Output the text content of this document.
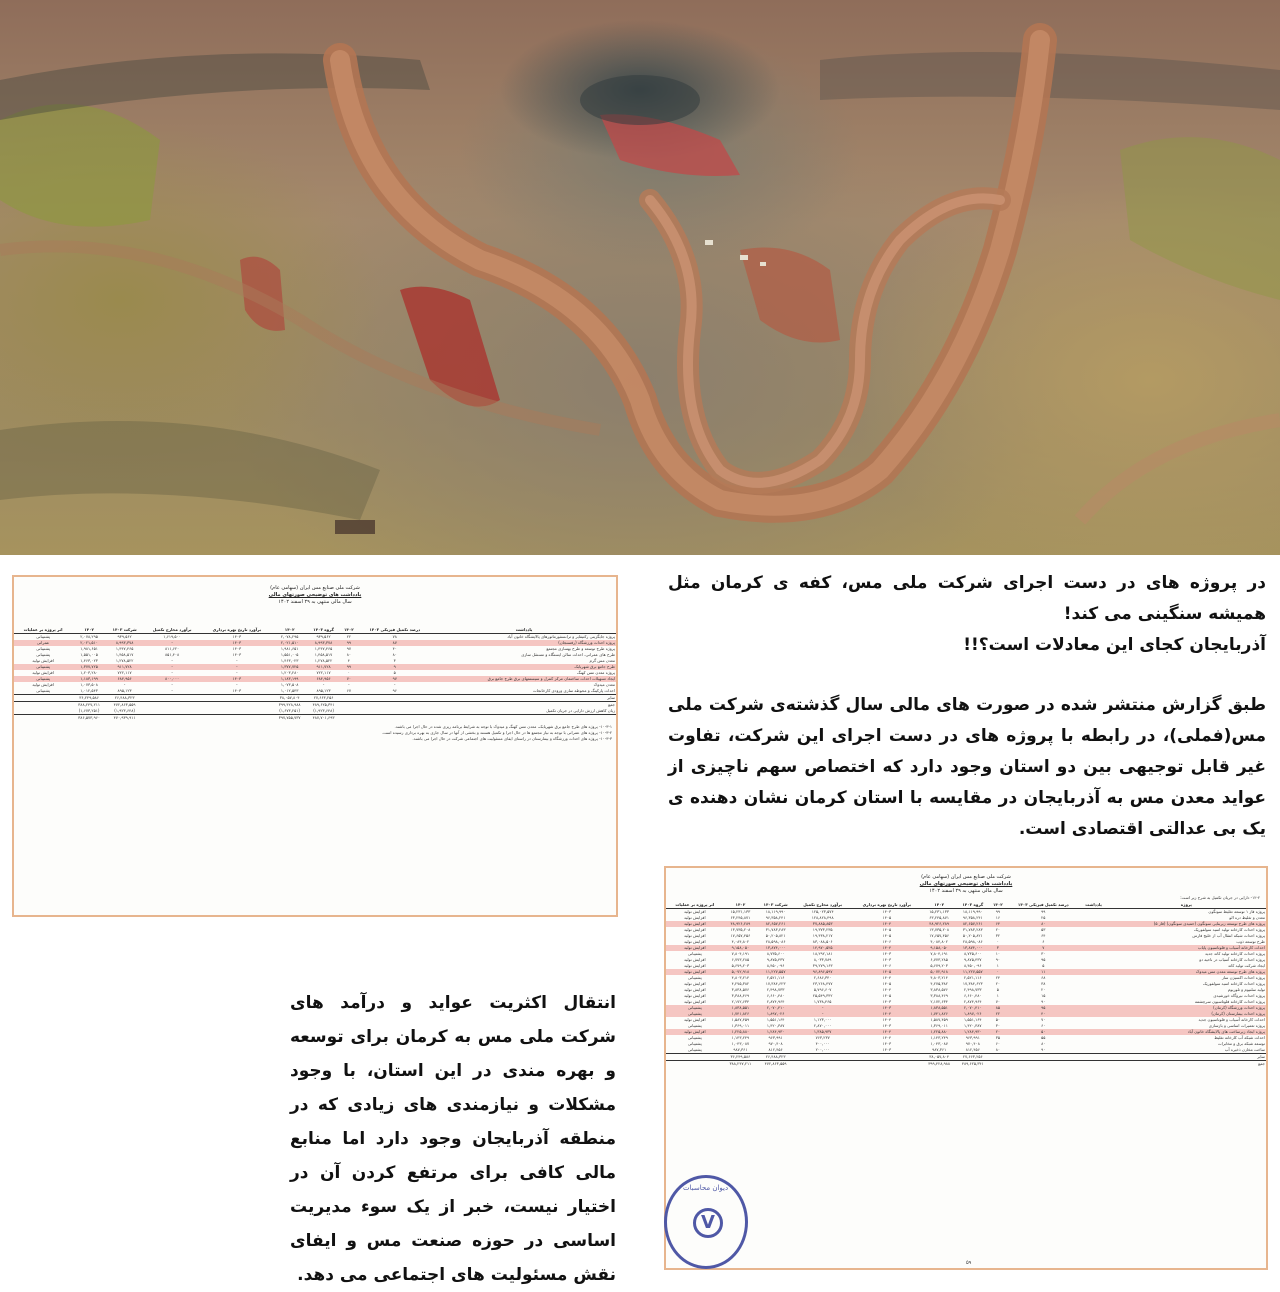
شرکت ملی صنایع مس ایران (سهامی عام)
یادداشت های توضیحی صورتهای مالی
سال مالی منتهی به ۲۹ اسفند ۱۴۰۲
یادداشت	درصد تکمیل فیزیکی ۱۴۰۳	۱۴۰۲	گروه ۱۴۰۳	۱۴۰۲	برآورد تاریخ بهره برداری	برآورد مخارج تکمیل	شرکت ۱۴۰۳	۱۴۰۲	اثر پروژه بر عملیات
پروژه جایگزینی رکتیفایر و ترانسفورماتورهای پالایشگاه خاتون آباد	۷۸	۲۲	۹۳۹,۵۶۲	۲,۰۷۸,۲۹۵	۱۴۰۳	۱,۶۱۹,۵۰۰	۹۳۹,۵۶۲	۲,۰۷۸,۲۹۵	پشتیبانی
پروژه احداث ورزشگاه (رفسنجان)	۸۷	۹۹	۸,۹۹۳,۳۷۸	۲,۰۲۱,۵۱۰	۱۴۰۳	-	۸,۹۹۳,۳۷۸	۲,۰۲۱,۵۱۰	عمرانی
پروژه طرح توسعه و طرح بهسازی مجتمع	۴۰	۹۷	۱,۴۴۷,۴۶۵	۱,۹۸۱,۶۵۱	۱۴۰۳	۸۱۱,۶۲۰	۱,۴۴۷,۴۶۵	۱,۹۸۱,۶۵۱	پشتیبانی
طرح های عمرانی، احداث سالن ایستگاه و مستقل سازی	۸۰	۸۰	۱,۴۵۸,۵۱۷	۱,۵۵۱,۰۰۵	۱۴۰۳	۸۵۱,۴۰۸	۱,۴۵۸,۵۱۷	۱,۵۵۱,۰۰۵	پشتیبانی
معدن مس گرم	۳	۴	۱,۲۷۸,۵۲۲	۱,۴۶۳,۰۲۳	-	-	۱,۲۷۸,۵۲۲	۱,۴۶۳,۰۲۳	افزایش تولید
طرح جامع برق شهربابک	۹	۹۹	۹۱۱,۷۲۸	۱,۳۷۷,۷۲۵	-	-	۹۱۱,۷۲۸	۱,۳۷۷,۷۲۵	پشتیبانی
پروژه معدن مس کهنگ	۵	۰	۷۲۲,۱۱۷	۱,۲۰۳,۲۸۰	-	-	۷۲۲,۱۱۷	۱,۲۰۳,۲۸۰	افزایش تولید
ایجاد تسهیلات احداث ساختمان مرکز کنترل و سیستمهای برق طرح جامع برق	۹۷	۷۰	۶۸۴,۹۵۶	۱,۱۸۳,۱۹۹	۱۴۰۳	۸۰۰,۰۰۰	۶۸۴,۹۵۶	۱,۱۸۳,۱۹۹	پشتیبانی
معدن میدوک	-	-	-	۱,۰۷۳,۵۰۸	-	-	-	۱,۰۷۳,۵۰۸	افزایش تولید
احداث پارکینگ و محوطه سازی ورودی کارخانجات	۹۶	۶۷	۸۹۵,۱۲۳	۱,۰۱۲,۵۴۳	۱۴۰۳	-	۸۹۵,۱۲۳	۱,۰۱۲,۵۴۳	پشتیبانی
سایر			۲۷,۶۶۳,۲۵۶	۳۸,۰۵۷,۸۰۴			۲۶,۴۸۸,۳۲۳	۳۶,۲۴۹,۵۸۶	
جمع			۴۸۹,۶۲۵,۳۴۱	۳۹۹,۴۲۸,۹۸۸			۴۷۲,۸۶۳,۵۵۹	۳۸۸,۲۴۷,۲۱۱	
زیان کاهش ارزش دارایی در جریان تکمیل			(۱,۹۲۳,۶۴۸)	(۱,۶۷۳,۲۵۱)			(۱,۹۲۳,۶۴۸)	(۱,۶۷۳,۲۵۱)	
			۴۸۷,۷۰۱,۶۹۳	۳۹۷,۷۵۵,۷۳۷			۴۷۰,۹۳۹,۹۱۱	۳۸۶,۵۷۳,۹۶۰	
۱۰-۳-۱- پروژه های طرح جامع برق شهربابک، معدن مس کهنگ و میدوک با توجه به شرایط برنامه ریزی شده در حال اجرا می باشند.
۱۰-۳-۲- پروژه های عمرانی با توجه به نیاز مجتمع ها در حال اجرا و تکمیل هستند و بخشی از آنها در سال جاری به بهره برداری رسیده است.
۱۰-۳-۳- پروژه های احداث ورزشگاه و بیمارستان در راستای ایفای مسئولیت های اجتماعی شرکت در حال اجرا می باشند.

در پروژه های در دست اجرای شرکت ملی مس، کفه ی کرمان مثل همیشه سنگینی می کند!

آذربایجان کجای این معادلات است؟!!

طبق گزارش منتشر شده در صورت های مالی سال گذشته‌ی شرکت ملی مس(فملی)، در رابطه با پروژه های در دست اجرای این شرکت، تفاوت غیر قابل توجیهی بین دو استان وجود دارد که اختصاص سهم ناچیزی از عواید معدن مس به آذربایجان در مقایسه با استان کرمان نشان دهنده ی یک بی عدالتی اقتصادی است.
انتقال اکثریت عواید و درآمد های شرکت ملی مس به کرمان برای توسعه و بهره مندی در این استان، با وجود مشکلات و نیازمندی های زیادی که در منطقه آذربایجان وجود دارد اما منابع مالی کافی برای مرتفع کردن آن در اختیار نیست، خبر از یک سوء مدیریت اساسی در حوزه صنعت مس و ایفای نقش مسئولیت های اجتماعی می دهد.
شرکت ملی صنایع مس ایران (سهامی عام)
یادداشت های توضیحی صورتهای مالی
سال مالی منتهی به ۲۹ اسفند ۱۴۰۲
۱۲-۲- دارایی در جریان تکمیل به شرح زیر است:
پروژه	یادداشت	درصد تکمیل فیزیکی ۱۴۰۳	۱۴۰۲	گروه ۱۴۰۳	۱۴۰۲	برآورد تاریخ بهره برداری	برآورد مخارج تکمیل	شرکت ۱۴۰۳	۱۴۰۲	اثر پروژه بر عملیات
پروژه فاز ۱ توسعه تغلیظ سونگون		۹۹	۹۹	۱۸,۱۱۹,۹۹۰	۱۵,۲۳۱,۱۳۳	۱۴۰۳	۱۲۵,۰۲۳,۵۷۴	۱۸,۱۱۹,۹۹۰	۱۵,۲۳۱,۱۳۳	افزایش تولید
معدن و تغلیظ دره الو		۲۵	۱۶	۹۶,۳۵۸,۲۴۱	۶۳,۲۴۵,۸۷۱	۱۴۰۵	۱۲۸,۸۲۸,۴۹۸	۹۶,۳۵۸,۲۴۱	۶۳,۲۴۵,۸۷۱	افزایش تولید
پروژه های طرح توسعه زیربنایی سونگون (حمیدی سونگون) (فاز ۵)		۸۰	۶۴	۸۲,۶۵۷,۲۶۱	۴۸,۹۲۶,۲۸۹	۱۴۰۴	۳۷,۸۸۵,۸۵۳	۸۲,۶۵۷,۲۶۱	۴۸,۹۲۶,۲۸۹	افزایش تولید
پروژه احداث کارخانه تولید اسید سولفوریک		۵۳	۲۰	۳۱,۷۸۳,۲۸۳	۱۳,۷۳۵,۲۰۸	۱۴۰۵	۱۹,۳۷۳,۲۳۵	۳۱,۷۸۳,۲۸۳	۱۳,۷۳۵,۲۰۸	افزایش تولید
پروژه احداث شبکه انتقال آب از خلیج فارس		۶۴	۳۲	۵۰,۲۰۵,۸۲۱	۱۷,۶۵۷,۴۵۶	۱۴۰۵	۱۹,۴۳۸,۲۱۷	۵۰,۲۰۵,۸۲۱	۱۷,۶۵۷,۴۵۶	افزایش تولید
طرح توسعه ذوب		۶	۰	۲۸,۵۹۸,۰۸۶	۴,۰۸۴,۸۰۲	۱۴۰۶	۸۳,۰۸۸,۵۰۶	۲۸,۵۹۸,۰۸۶	۴,۰۸۴,۸۰۲	افزایش تولید
احداث کارخانه آسیاب و فلوتاسیون پایاب		۷	۳	۱۳,۸۷۴,۰۰۰	۹,۱۵۸,۰۵۰	۱۴۰۴	۱۴,۹۷۰,۵۲۵	۱۳,۸۷۴,۰۰۰	۹,۱۵۸,۰۵۰	افزایش تولید
پروژه احداث کارخانه تولید کاتد جدید		۳۰	۱۰	۸,۷۳۵,۶۰۰	۷,۸۰۴,۱۹۱	۱۴۰۳	۱۸,۲۹۲,۱۸۱	۸,۷۳۵,۶۰۰	۷,۸۰۴,۱۹۱	پشتیبانی
پروژه احداث کارخانه آسیاب در ناحیه دو		۹۵	۹۰	۹,۸۷۵,۴۳۷	۶,۷۷۳,۲۸۵	۱۴۰۳	۸,۰۳۳,۷۸۹	۹,۸۷۵,۴۳۷	۶,۷۷۳,۲۸۵	افزایش تولید
ایجاد شرکت تولید کاتد		۵	۱	۸,۴۵۰,۰۹۶	۵,۶۷۹,۲۰۳	۱۴۰۶	۳۹,۲۷۹,۱۶۳	۸,۴۵۰,۰۹۶	۵,۶۷۹,۲۰۳	افزایش تولید
پروژه های طرح توسعه معدن مس میدوک		۱۱	۰	۱۱,۲۲۷,۵۵۷	۵,۰۷۲,۹۱۸	۱۴۰۵	۹۶,۸۹۶,۵۹۷	۱۱,۲۲۷,۵۵۷	۵,۰۷۲,۹۱۸	افزایش تولید
پروژه احداث اکسیژن ساز		۶۸	۲۴	۲,۵۲۱,۱۱۶	۴,۸۰۳,۲۱۴	۱۴۰۴	۲,۶۸۶,۳۴۰	۲,۵۲۱,۱۱۶	۴,۸۰۳,۲۱۴	پشتیبانی
پروژه احداث کارخانه اسید سولفوریک		۳۸	۲۰	۱۷,۳۸۴,۶۲۳	۴,۲۷۵,۳۸۲	۱۴۰۵	۲۳,۲۶۸,۴۷۷	۱۷,۳۸۴,۶۲۳	۴,۲۷۵,۳۸۲	افزایش تولید
تولید سلنیوم و تلوریوم		۲۰	۵	۲,۴۹۸,۷۳۳	۳,۸۳۸,۵۷۶	۱۴۰۴	۵,۷۹۶,۶۰۷	۲,۴۹۸,۷۳۳	۳,۸۳۸,۵۷۶	افزایش تولید
پروژه احداث نیروگاه خورشیدی		۱۵	۱	۶,۶۶۰,۴۸۰	۳,۳۸۸,۴۶۹	۱۴۰۵	۲۵,۵۴۹,۳۴۲	۶,۶۶۰,۴۸۰	۳,۳۸۸,۴۶۹	افزایش تولید
پروژه احداث کارخانه فلوتاسیون سرچشمه		۹۰	۷۰	۲,۸۷۴,۹۶۴	۲,۱۷۲,۶۳۴	۱۴۰۳	۱,۷۳۸,۴۶۵	۲,۸۷۴,۹۶۴	۲,۱۷۲,۶۳۴	افزایش تولید
پروژه احداث ورزشگاه (کرمان)		۹۵	۸۵	۲,۰۷۰,۴۱۰	۱,۸۳۸,۵۵۱	۱۴۰۳	-	۲,۰۷۰,۴۱۰	۱,۸۳۸,۵۵۱	پشتیبانی
پروژه احداث بیمارستان (کرمان)		۴۰	۲۲	۱,۸۹۷,۰۲۶	۱,۷۴۱,۸۲۶	۱۴۰۴	-	۱,۸۹۷,۰۲۶	۱,۷۴۱,۸۲۶	پشتیبانی
احداث کارخانه آسیاب و فلوتاسیون جدید		۷۰	۵۰	۱,۵۵۱,۱۶۴	۱,۵۸۷,۴۵۹	۱۴۰۴	۱,۱۲۳,۰۰۰	۱,۵۵۱,۱۶۴	۱,۵۸۷,۴۵۹	افزایش تولید
پروژه تعمیرات اساسی و بازسازی		۶۰	۳۰	۱,۴۲۰,۳۸۷	۱,۳۶۹,۰۱۱	۱۴۰۳	۲,۸۷۰,۰۰۰	۱,۴۲۰,۳۸۷	۱,۳۶۹,۰۱۱	پشتیبانی
پروژه ایجاد زیرساخت های پالایشگاه خاتون آباد		۵۰	۲۰	۱,۲۸۴,۹۳۰	۱,۲۲۵,۸۸۰	۱۴۰۴	۱,۳۸۵,۹۳۷	۱,۲۸۴,۹۳۰	۱,۲۲۵,۸۸۰	افزایش تولید
احداث شبکه آب کارخانه تغلیظ		۵۵	۳۵	۹۶۳,۹۹۱	۱,۱۴۳,۲۴۹	۱۴۰۴	۷۶۳,۲۳۷	۹۶۳,۹۹۱	۱,۱۴۳,۲۴۹	پشتیبانی
توسعه شبکه برق و مخابرات		۸۰	۶۰	۹۷۰,۴۰۸	۱,۰۴۳,۰۸۷	۱۴۰۳	۴۰۰,۰۰۰	۹۷۰,۴۰۸	۱,۰۴۳,۰۸۷	پشتیبانی
ساخت مخازن ذخیره آب		۹۰	۸۰	۸۱۲,۴۵۶	۹۸۷,۳۶۱	۱۴۰۳	۲۰۰,۰۰۰	۸۱۲,۴۵۶	۹۸۷,۳۶۱	پشتیبانی
سایر				۲۷,۶۶۳,۲۵۶	۳۸,۰۵۷,۸۰۴			۲۶,۴۸۸,۳۲۳	۳۶,۲۴۹,۵۸۶	
جمع				۴۸۹,۶۲۵,۳۴۱	۳۹۹,۴۲۸,۹۸۸			۴۷۲,۸۶۳,۵۵۹	۳۸۸,۲۴۷,۲۱۱	
۵۹
دیوان محاسبات
V
